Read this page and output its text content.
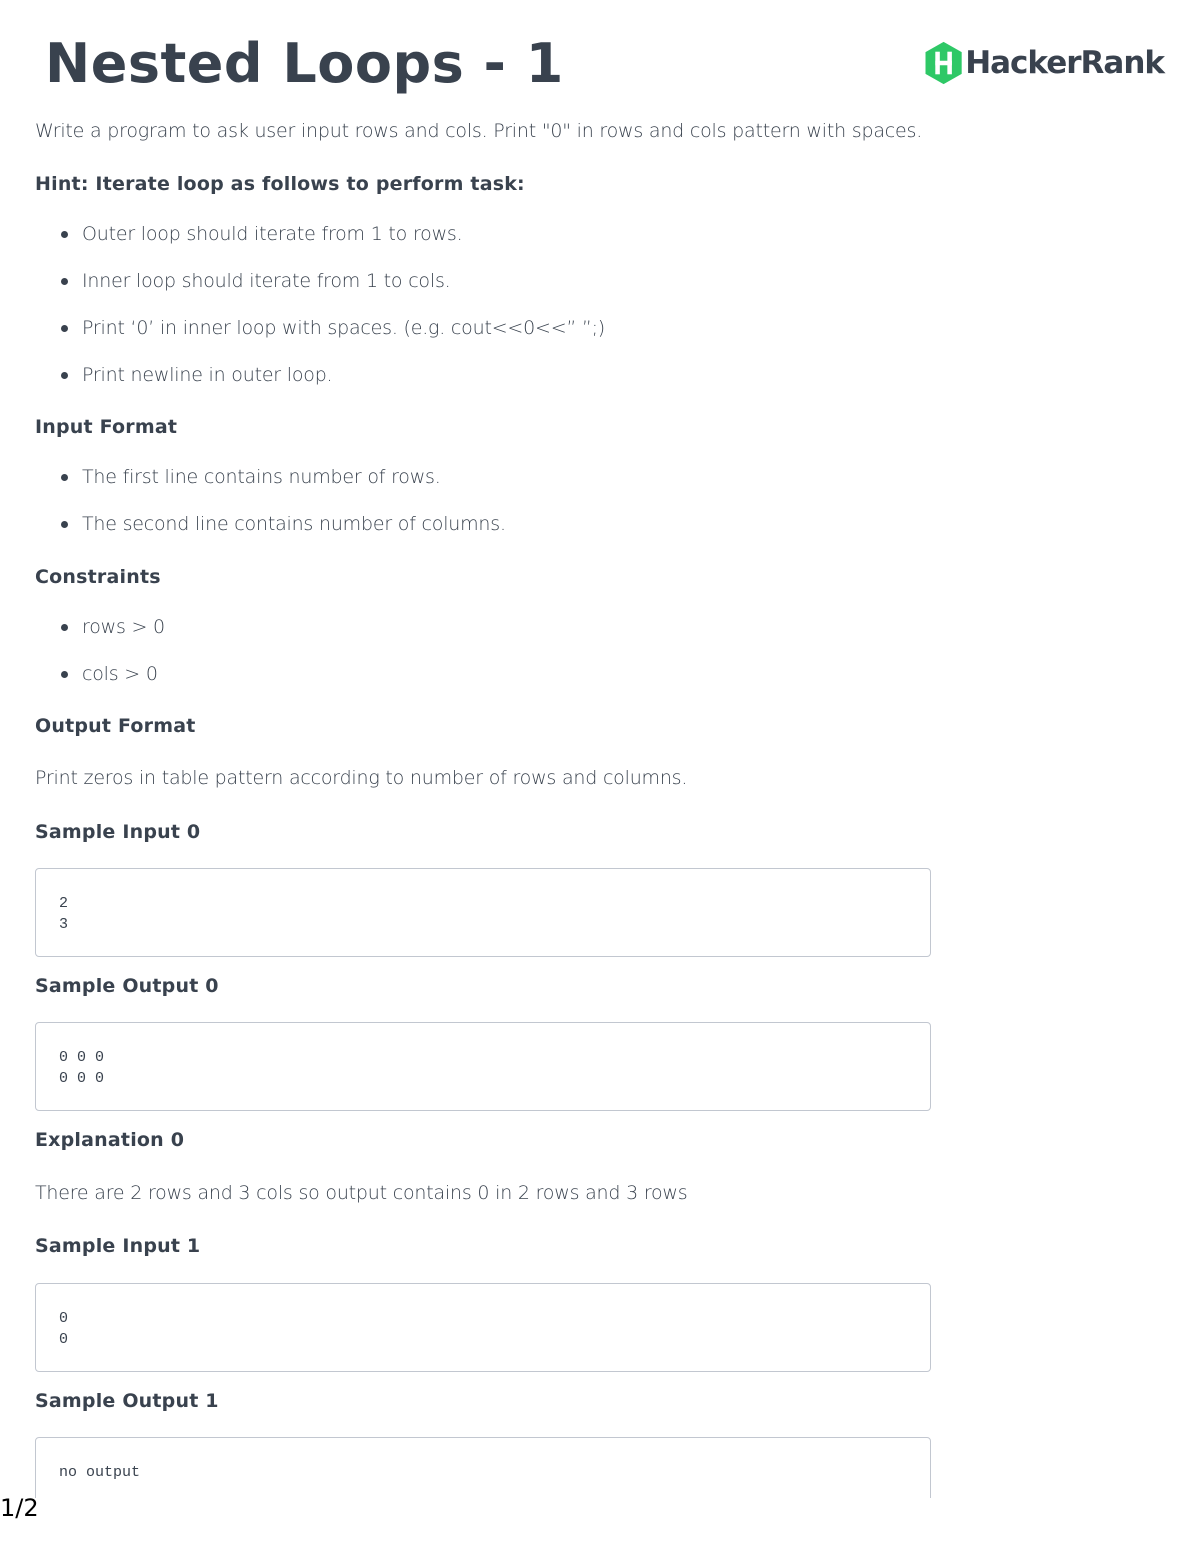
Nested Loops - 1	HackerRank

Write a program to ask user input rows and cols. Print "0" in rows and cols pattern with spaces.

Hint: Iterate loop as follows to perform task:

Outer loop should iterate from 1 to rows.
Inner loop should iterate from 1 to cols.
Print ‘0’ in inner loop with spaces. (e.g. cout<<0<<” ”;)
Print newline in outer loop.

Input Format

The first line contains number of rows.
The second line contains number of columns.

Constraints

rows > 0
cols > 0

Output Format

Print zeros in table pattern according to number of rows and columns.

Sample Input 0

2
3

Sample Output 0

0 0 0
0 0 0

Explanation 0

There are 2 rows and 3 cols so output contains 0 in 2 rows and 3 rows

Sample Input 1

0
0

Sample Output 1

no output
1/2
